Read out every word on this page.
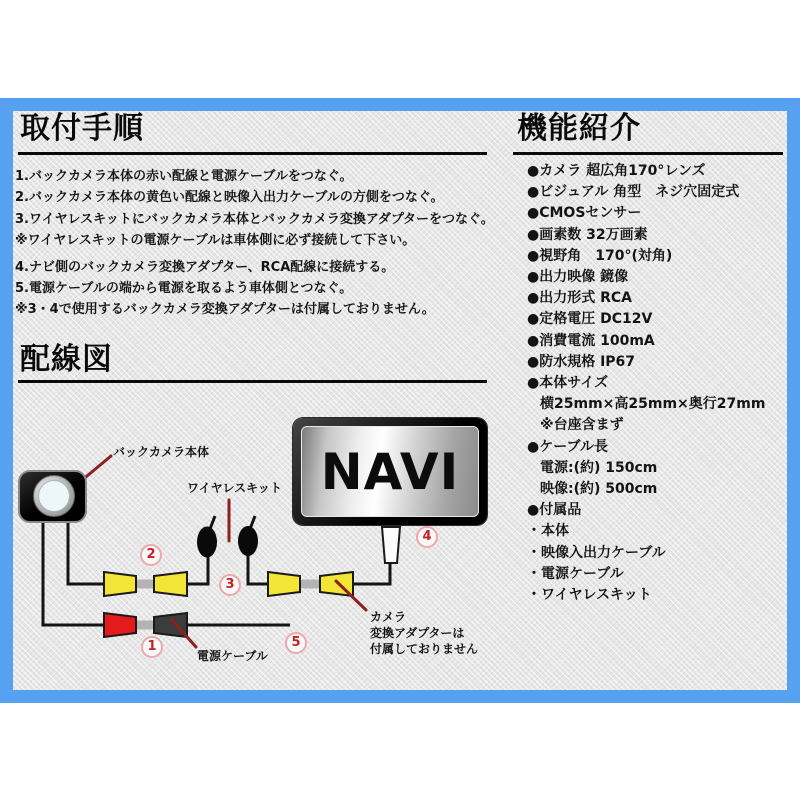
取付手順
1.バックカメラ本体の赤い配線と電源ケーブルをつなぐ。
2.バックカメラ本体の黄色い配線と映像入出力ケーブルの方側をつなぐ。
3.ワイヤレスキットにバックカメラ本体とバックカメラ変換アダプターをつなぐ。
※ワイヤレスキットの電源ケーブルは車体側に必ず接続して下さい。
4.ナビ側のバックカメラ変換アダプター、RCA配線に接続する。
5.電源ケーブルの端から電源を取るよう車体側とつなぐ。
※3・4で使用するバックカメラ変換アダプターは付属しておりません。
配線図
NAVI
バックカメラ本体
ワイヤレスキット
電源ケーブル
カメラ
変換アダプターは
付属しておりません
1
2
3
4
5
機能紹介
●カメラ 超広角170°レンズ
●ビジュアル 角型　ネジ穴固定式
●CMOSセンサー
●画素数 32万画素
●視野角　170°(対角)
●出力映像 鏡像
●出力形式 RCA
●定格電圧 DC12V
●消費電流 100mA
●防水規格 IP67
●本体サイズ
横25mm×高25mm×奥行27mm
※台座含まず
●ケーブル長
電源:(約) 150cm
映像:(約) 500cm
●付属品
・本体
・映像入出力ケーブル
・電源ケーブル
・ワイヤレスキット
